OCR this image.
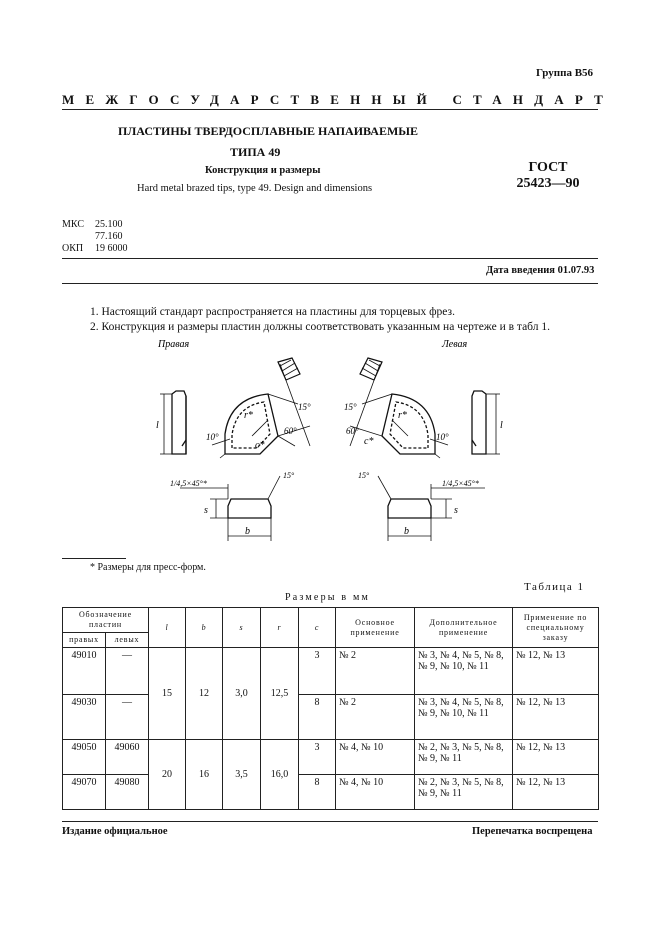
Группа В56
МЕЖГОСУДАРСТВЕННЫЙ СТАНДАРТ
ПЛАСТИНЫ ТВЕРДОСПЛАВНЫЕ НАПАИВАЕМЫЕ
ТИПА 49
Конструкция и размеры
Hard metal brazed tips, type 49. Design and dimensions
ГОСТ
25423—90
МКС	25.100
77.160
ОКП	19 6000
Дата введения 01.07.93

1. Настоящий стандарт распространяется на пластины для торцевых фрез.

2. Конструкция и размеры пластин должны соответствовать указанным на чертеже и в табл 1.

Правая	Левая
l
r*
c*
10°
15°
60°
b
s
1/4,5×45°*
15°
r*
c*	10°
15°
60°	l
b
s
1/4,5×45°*
15°
* Размеры для пресс-форм.
Таблица 1
Размеры в мм
Обозначение пластин		l	b	s	r	c	Основное применение	Дополнительное применение	Применение по специальному заказу
правых	левых								
49010	—	15	12	3,0	12,5	3	№ 2	№ 3, № 4, № 5, № 8, № 9, № 10, № 11	№ 12, № 13
49030	—					8	№ 2	№ 3, № 4, № 5, № 8, № 9, № 10, № 11	№ 12, № 13
49050	49060	20	16	3,5	16,0	3	№ 4, № 10	№ 2, № 3, № 5, № 8, № 9, № 11	№ 12, № 13
49070	49080					8	№ 4, № 10	№ 2, № 3, № 5, № 8, № 9, № 11	№ 12, № 13
Издание официальное	Перепечатка воспрещена
